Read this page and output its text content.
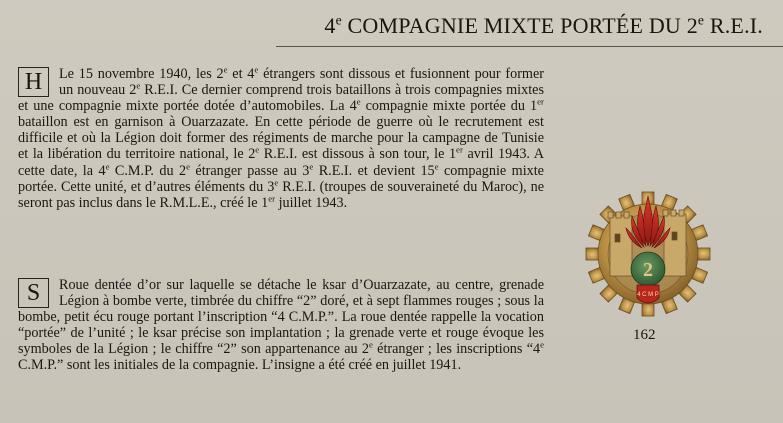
4e COMPAGNIE MIXTE PORTÉE DU 2e R.E.I.
H	Le 15 novembre 1940, les 2e et 4e étrangers sont dissous et fusionnent pour former un nouveau 2e R.E.I. Ce dernier comprend trois bataillons à trois compagnies mixtes et une compagnie mixte portée dotée d’automobiles. La 4e compagnie mixte portée du 1er bataillon est en garnison à Ouarzazate. En cette période de guerre où le recrutement est difficile et où la Légion doit former des régiments de marche pour la campagne de Tunisie et la libération du territoire national, le 2e R.E.I. est dissous à son tour, le 1er avril 1943. A cette date, la 4e C.M.P. du 2e étranger passe au 3e R.E.I. et devient 15e compagnie mixte portée. Cette unité, et d’autres éléments du 3e R.E.I. (troupes de souveraineté du Maroc), ne seront pas inclus dans le R.M.L.E., créé le 1er juillet 1943.

S	Roue dentée d’or sur laquelle se détache le ksar d’Ouarzazate, au centre, grenade Légion à bombe verte, timbrée du chiffre “2” doré, et à sept flammes rouges ; sous la bombe, petit écu rouge portant l’inscription “4 C.M.P.”. La roue dentée rappelle la vocation “portée” de l’unité ; le ksar précise son implantation ; la grenade verte et rouge évoque les symboles de la Légion ; le chiffre “2” son appartenance au 2e étranger ; les inscriptions “4e C.M.P.” sont les initiales de la compagnie. L’insigne a été créé en juillet 1941.

2
4 C M P
162
